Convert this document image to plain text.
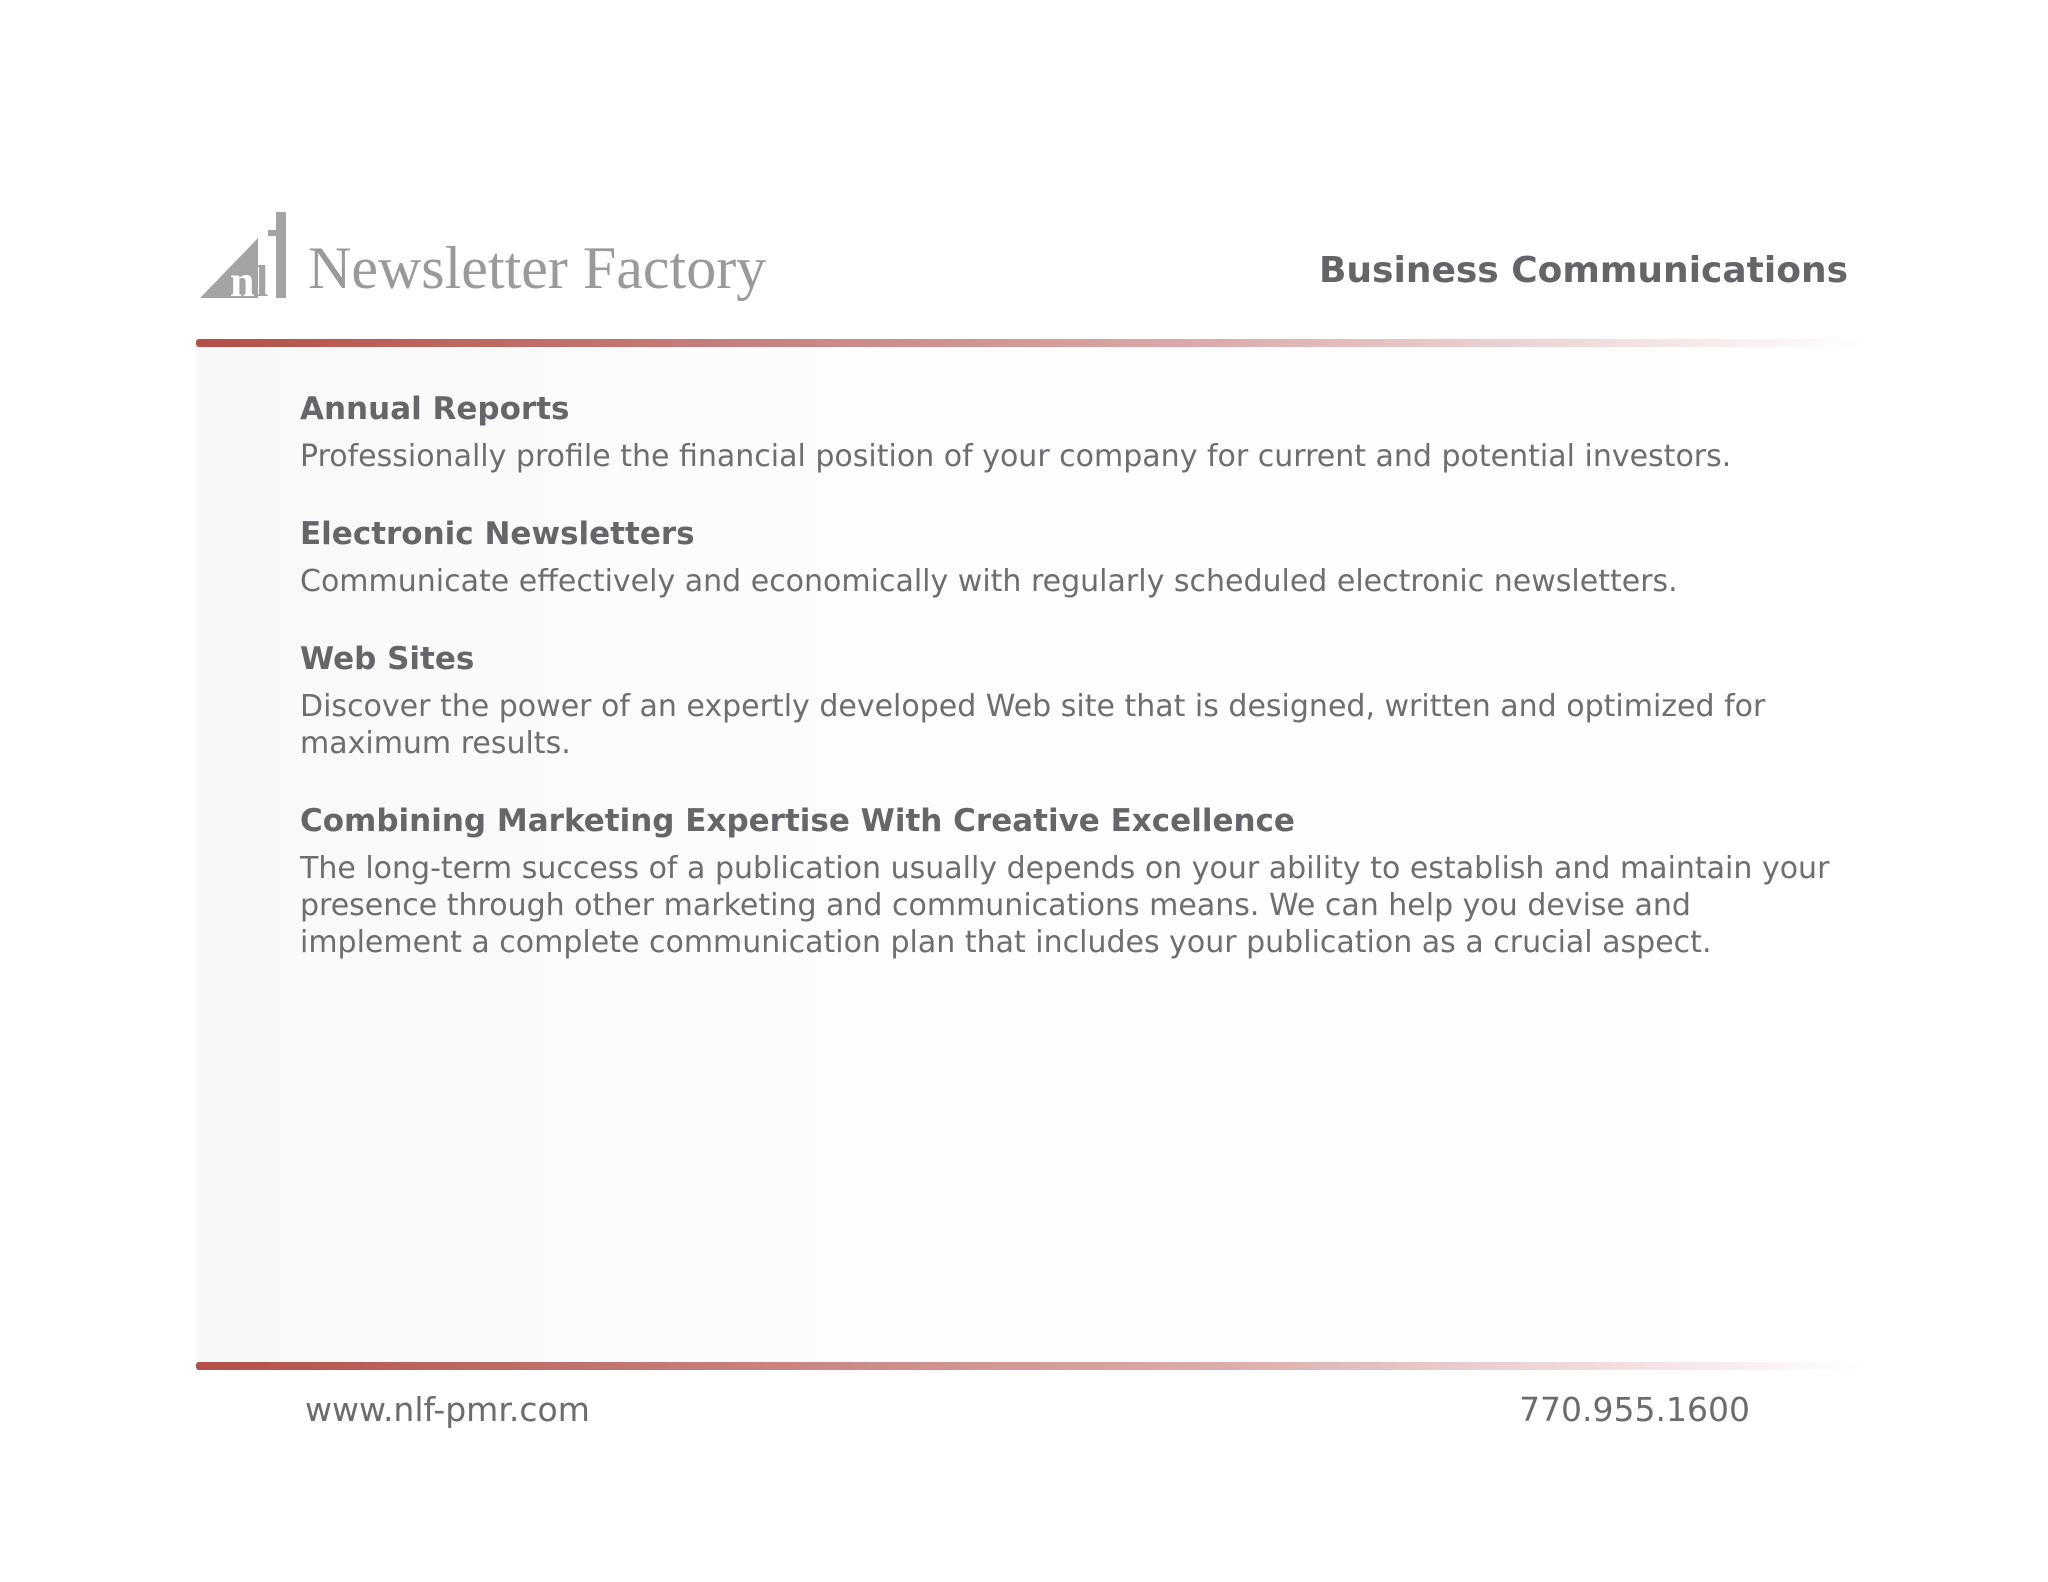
n l Newsletter Factory	Business Communications
Annual Reports

Professionally profile the financial position of your company for current and potential investors.

Electronic Newsletters

Communicate effectively and economically with regularly scheduled electronic newsletters.

Web Sites

Discover the power of an expertly developed Web site that is designed, written and optimized for maximum results.

Combining Marketing Expertise With Creative Excellence

The long-term success of a publication usually depends on your ability to establish and maintain your presence through other marketing and communications means. We can help you devise and implement a complete communication plan that includes your publication as a crucial aspect.

www.nlf-pmr.com	770.955.1600
